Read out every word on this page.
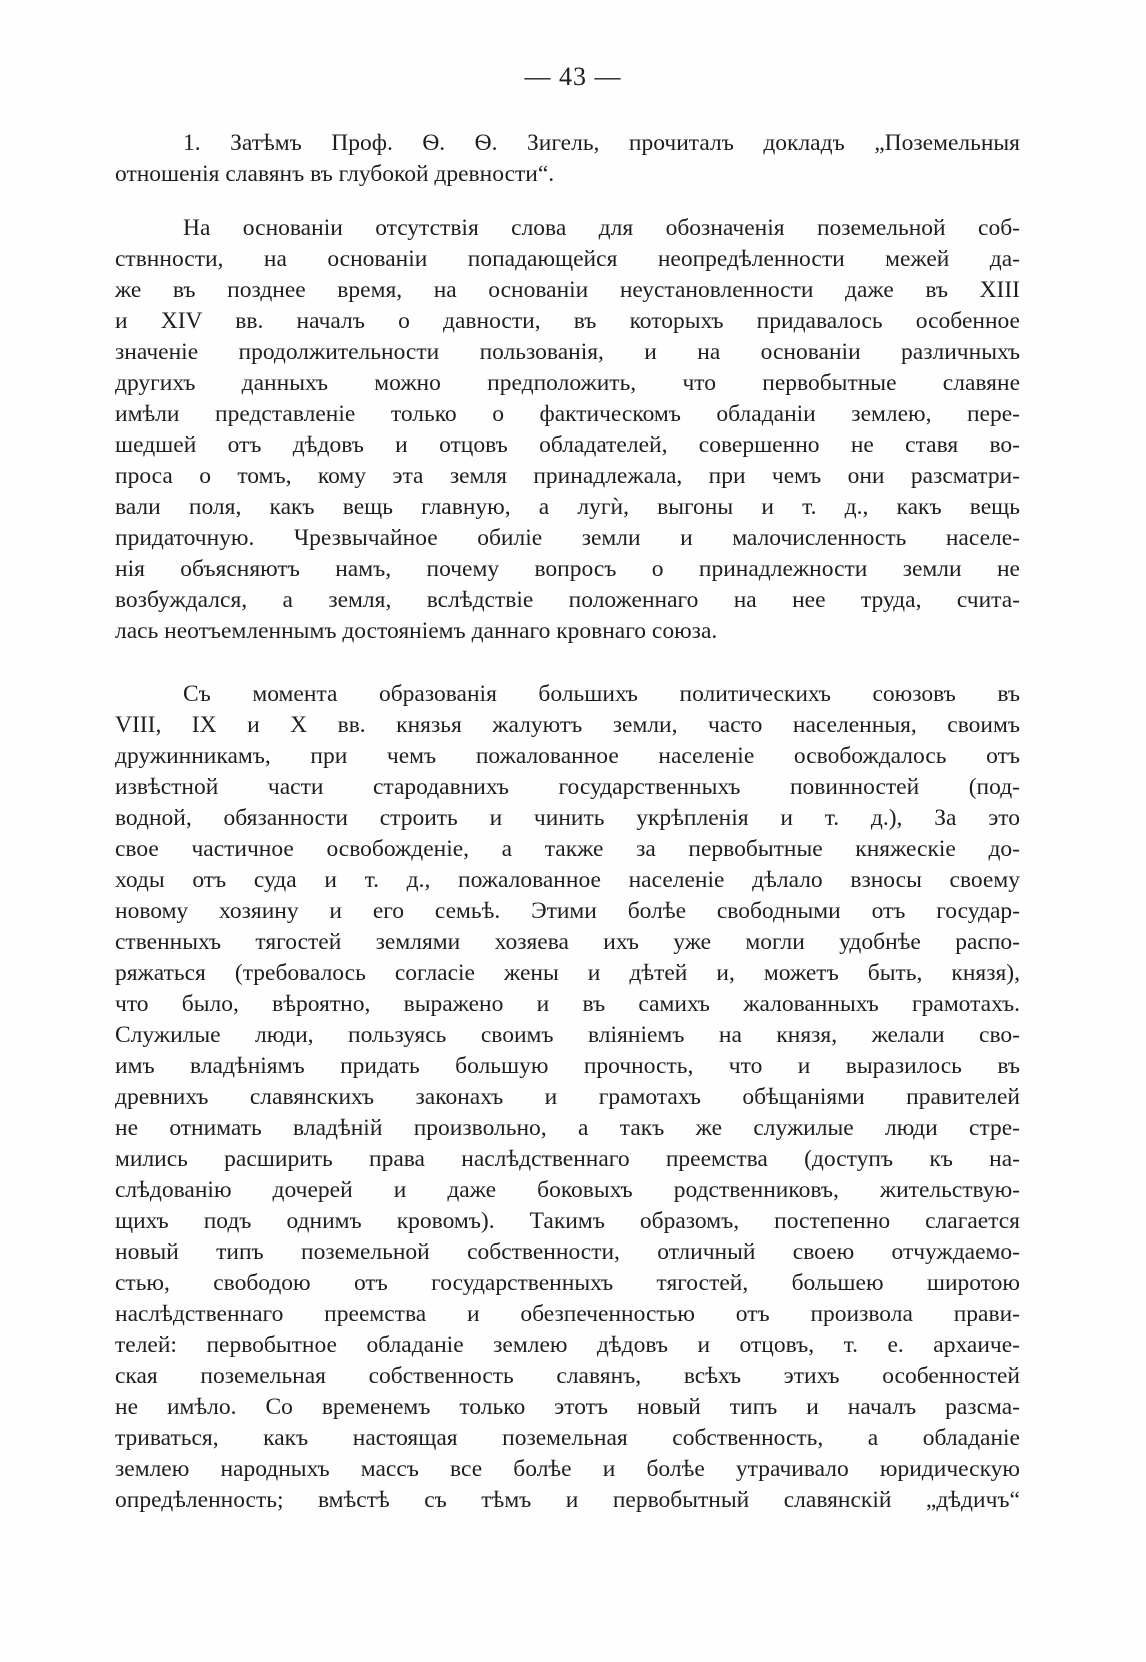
— 43 —
1. Затѣмъ Проф. Ѳ. Ѳ. Зигель, прочиталъ докладъ „Поземельныя
отношенія славянъ въ глубокой древности“.
На основаніи отсутствія слова для обозначенія поземельной соб-
ствнности, на основаніи попадающейся неопредѣленности межей да-
же въ позднее время, на основаніи неустановленности даже въ XIII
и XIV вв. началъ о давности, въ которыхъ придавалось особенное
значеніе продолжительности пользованія, и на основаніи различныхъ
другихъ данныхъ можно предположить, что первобытные славяне
имѣли представленіе только о фактическомъ обладаніи землею, пере-
шедшей отъ дѣдовъ и отцовъ обладателей, совершенно не ставя во-
проса о томъ, кому эта земля принадлежала, при чемъ они разсматри-
вали поля, какъ вещь главную, а лугѝ, выгоны и т. д., какъ вещь
придаточную. Чрезвычайное обиліе земли и малочисленность населе-
нія объясняютъ намъ, почему вопросъ о принадлежности земли не
возбуждался, а земля, вслѣдствіе положеннаго на нее труда, счита-
лась неотъемленнымъ достояніемъ даннаго кровнаго союза.
Съ момента образованія большихъ политическихъ союзовъ въ
VIII, IX и X вв. князья жалуютъ земли, часто населенныя, своимъ
дружинникамъ, при чемъ пожалованное населеніе освобождалось отъ
извѣстной части стародавнихъ государственныхъ повинностей (под-
водной, обязанности строить и чинить укрѣпленія и т. д.), За это
свое частичное освобожденіе, а также за первобытные княжескіе до-
ходы отъ суда и т. д., пожалованное населеніе дѣлало взносы своему
новому хозяину и его семьѣ. Этими болѣе свободными отъ государ-
ственныхъ тягостей землями хозяева ихъ уже могли удобнѣе распо-
ряжаться (требовалось согласіе жены и дѣтей и, можетъ быть, князя),
что было, вѣроятно, выражено и въ самихъ жалованныхъ грамотахъ.
Служилые люди, пользуясь своимъ вліяніемъ на князя, желали сво-
имъ владѣніямъ придать большую прочность, что и выразилось въ
древнихъ славянскихъ законахъ и грамотахъ обѣщаніями правителей
не отнимать владѣній произвольно, а такъ же служилые люди стре-
мились расширить права наслѣдственнаго преемства (доступъ къ на-
слѣдованію дочерей и даже боковыхъ родственниковъ, жительствую-
щихъ подъ однимъ кровомъ). Такимъ образомъ, постепенно слагается
новый типъ поземельной собственности, отличный своею отчуждаемо-
стью, свободою отъ государственныхъ тягостей, большею широтою
наслѣдственнаго преемства и обезпеченностью отъ произвола прави-
телей: первобытное обладаніе землею дѣдовъ и отцовъ, т. е. архаиче-
ская поземельная собственность славянъ, всѣхъ этихъ особенностей
не имѣло. Со временемъ только этотъ новый типъ и началъ разсма-
триваться, какъ настоящая поземельная собственность, а обладаніе
землею народныхъ массъ все болѣе и болѣе утрачивало юридическую
опредѣленность; вмѣстѣ съ тѣмъ и первобытный славянскій „дѣдичъ“
